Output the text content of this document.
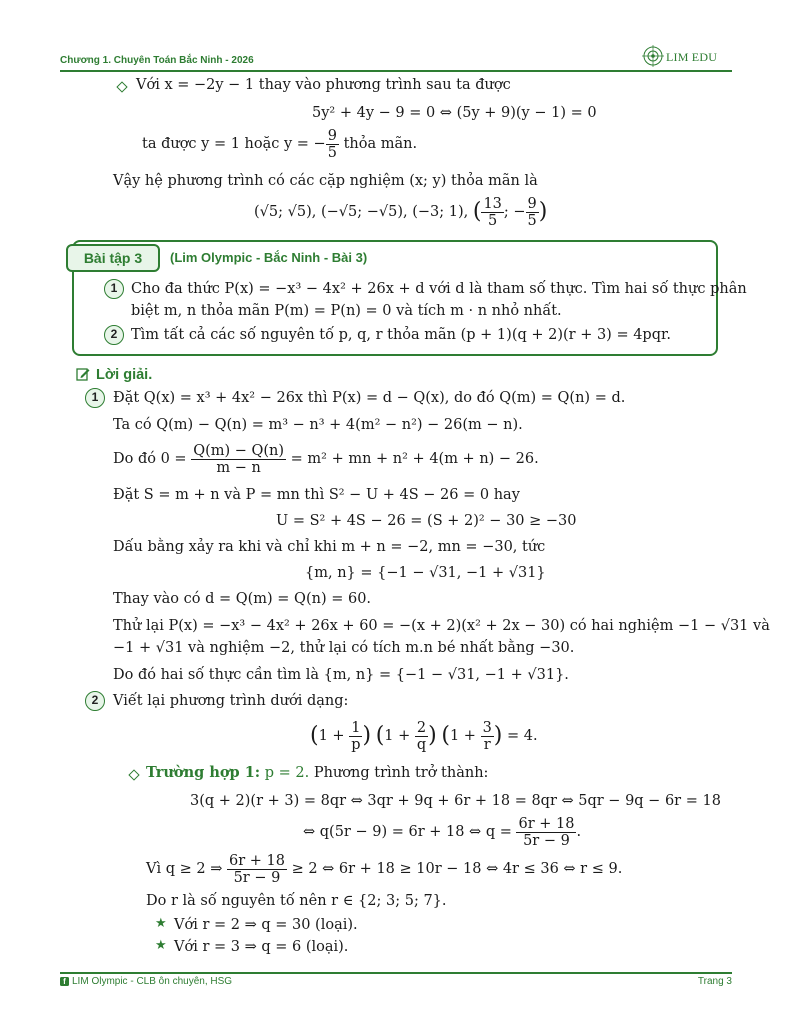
Chương 1. Chuyên Toán Bắc Ninh - 2026	LIM EDU
Với x = −2y − 1 thay vào phương trình sau ta được
5y² + 4y − 9 = 0 ⇔ (5y + 9)(y − 1) = 0
ta được y = 1 hoặc y = − $\frac{9}{5}$ thỏa mãn.
Vậy hệ phương trình có các cặp nghiệm (x; y) thỏa mãn là
(√5; √5), (−√5; −√5), (−3; 1), ( $\frac{13}{5}$ ; − $\frac{9}{5}$ )
Bài tập 3	(Lim Olympic - Bắc Ninh - Bài 3)
1 Cho đa thức P(x) = −x³ − 4x² + 26x + d với d là tham số thực. Tìm hai số thực phân
biệt m, n thỏa mãn P(m) = P(n) = 0 và tích m · n nhỏ nhất.
2 Tìm tất cả các số nguyên tố p, q, r thỏa mãn (p + 1)(q + 2)(r + 3) = 4pqr.
Lời giải.
1	Đặt Q(x) = x³ + 4x² − 26x thì P(x) = d − Q(x), do đó Q(m) = Q(n) = d.
Ta có Q(m) − Q(n) = m³ − n³ + 4(m² − n²) − 26(m − n).
Do đó $0 = \frac{Q(m) - Q(n)}{m - n} = m^2$ + mn + n² + 4(m + n) − 26.
Đặt S = m + n và P = mn thì S² − U + 4S − 26 = 0 hay
U = S² + 4S − 26 = (S + 2)² − 30 ≥ −30
Dấu bằng xảy ra khi và chỉ khi m + n = −2, mn = −30, tức
{m, n} = {−1 − √31, −1 + √31}
Thay vào có d = Q(m) = Q(n) = 60.
Thử lại P(x) = −x³ − 4x² + 26x + 60 = −(x + 2)(x² + 2x − 30) có hai nghiệm −1 − √31 và
−1 + √31 và nghiệm −2, thử lại có tích m.n bé nhất bằng −30.
Do đó hai số thực cần tìm là {m, n} = {−1 − √31, −1 + √31}.
2	Viết lại phương trình dưới dạng:
($1 + \frac{1}{p}$ ) ($1 + \frac{2}{q}$ ) ($1 + \frac{3}{r}$ ) = 4.
Trường hợp 1: p = 2. Phương trình trở thành:
3(q + 2)(r + 3) = 8qr ⇔ 3qr + 9q + 6r + 18 = 8qr ⇔ 5qr − 9q − 6r = 18
⇔ q(5r − 9) = 6r + 18 ⇔ $q = \frac{6r + 18}{5r - 9}$ .
Vì q ≥ 2 ⇒ $\frac{6r + 18}{5r - 9} \ge 2$ ⇔ 6r + 18 ≥ 10r − 18 ⇔ 4r ≤ 36 ⇔ r ≤ 9.
Do r là số nguyên tố nên r ∈ {2; 3; 5; 7}.
★ Với r = 2 ⇒ q = 30 (loại).
★ Với r = 3 ⇒ q = 6 (loại).
f LIM Olympic - CLB ôn chuyên, HSG	Trang 3
